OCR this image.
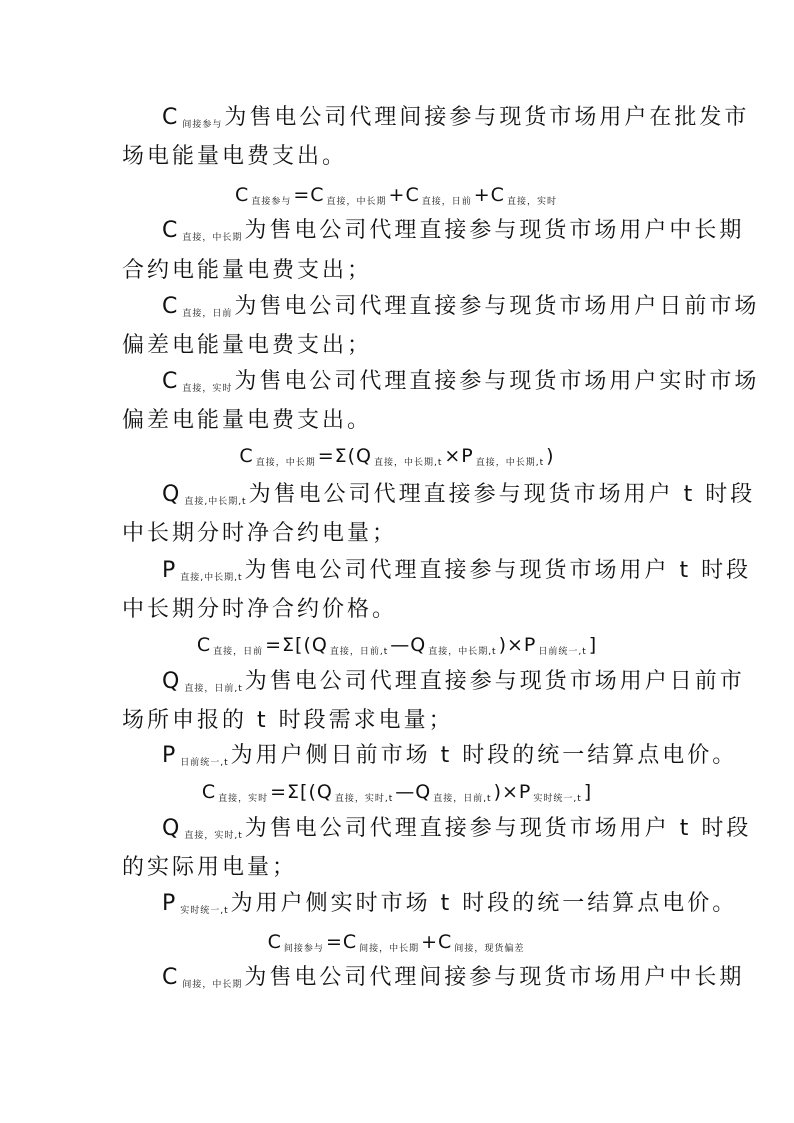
C $_{间接参与}$为售电公司代理间接参与现货市场用户在批发市
场电能量电费支出。
C $_{直接参与}$ =C $_{直接,中长期}$ +C $_{直接,日前}$ +C $_{直接,实时}$
C $_{直接,中长期}$为售电公司代理直接参与现货市场用户中长期
合约电能量电费支出；
C $_{直接,日前}$为售电公司代理直接参与现货市场用户日前市场
偏差电能量电费支出；
C $_{直接,实时}$为售电公司代理直接参与现货市场用户实时市场
偏差电能量电费支出。
C $_{直接,中长期}$ =Σ(Q $_{直接,中长期,t}$ ×P $_{直接,中长期,t}$ )
Q $_{直接,中长期,t}$为售电公司代理直接参与现货市场用户 t 时段
中长期分时净合约电量；
P $_{直接,中长期,t}$为售电公司代理直接参与现货市场用户 t 时段
中长期分时净合约价格。
C $_{直接,日前}$ =Σ[(Q $_{直接,日前,t}$ —Q $_{直接,中长期,t}$ )×P $_{日前统一,t}$ ]
Q $_{直接,日前,t}$为售电公司代理直接参与现货市场用户日前市
场所申报的 t 时段需求电量；
P $_{日前统一,t}$为用户侧日前市场 t 时段的统一结算点电价。
C $_{直接,实时}$ =Σ[(Q $_{直接,实时,t}$ —Q $_{直接,日前,t}$ )×P $_{实时统一,t}$ ]
Q $_{直接,实时,t}$为售电公司代理直接参与现货市场用户 t 时段
的实际用电量；
P $_{实时统一,t}$为用户侧实时市场 t 时段的统一结算点电价。
C $_{间接参与}$ =C $_{间接,中长期}$ +C $_{间接,现货偏差}$
C $_{间接,中长期}$为售电公司代理间接参与现货市场用户中长期
